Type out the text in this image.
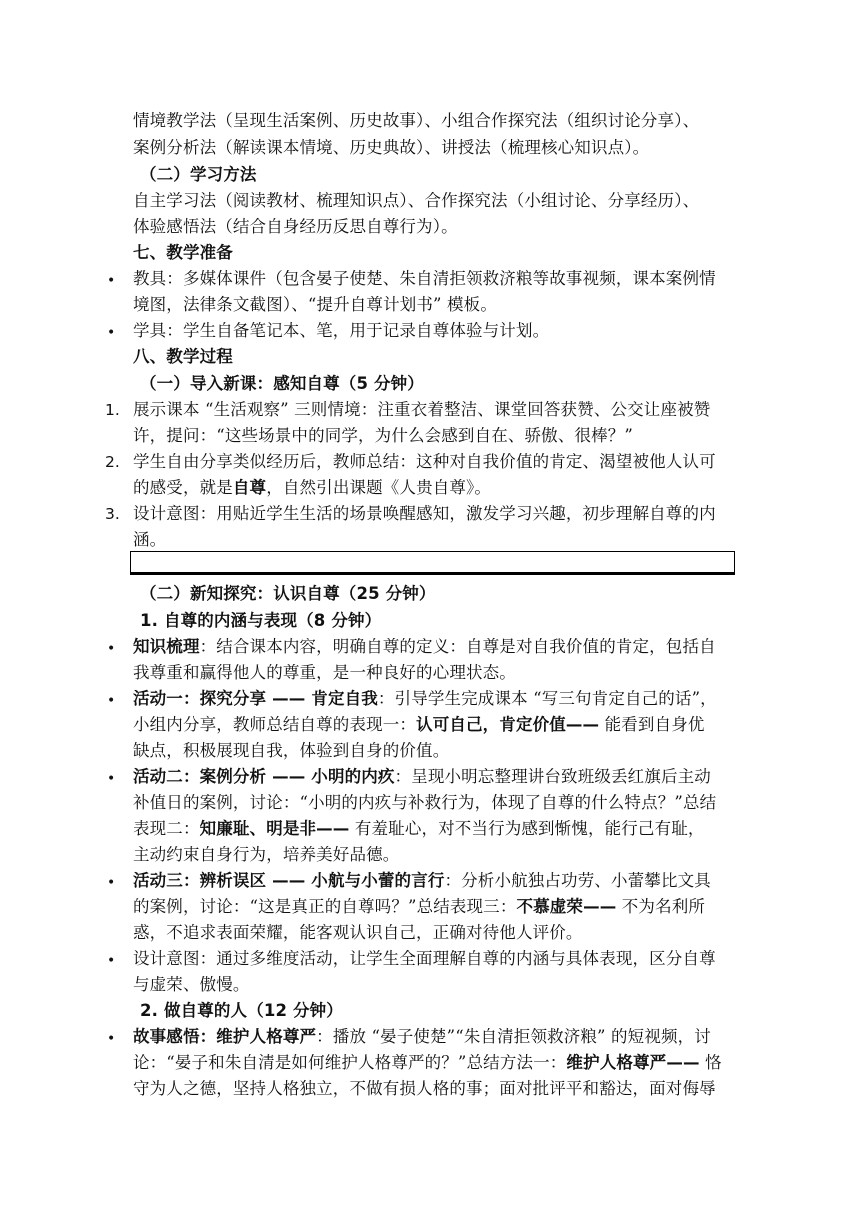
情境教学法（呈现生活案例、历史故事）、小组合作探究法（组织讨论分享）、
案例分析法（解读课本情境、历史典故）、讲授法（梳理核心知识点）。
（二）学习方法
自主学习法（阅读教材、梳理知识点）、合作探究法（小组讨论、分享经历）、
体验感悟法（结合自身经历反思自尊行为）。
七、教学准备
• 教具：多媒体课件（包含晏子使楚、朱自清拒领救济粮等故事视频，课本案例情
境图，法律条文截图）、“提升自尊计划书” 模板。
• 学具：学生自备笔记本、笔，用于记录自尊体验与计划。
八、教学过程
（一）导入新课：感知自尊（5 分钟）
1. 展示课本 “生活观察” 三则情境：注重衣着整洁、课堂回答获赞、公交让座被赞
许，提问：“这些场景中的同学，为什么会感到自在、骄傲、很棒？”
2. 学生自由分享类似经历后，教师总结：这种对自我价值的肯定、渴望被他人认可
的感受，就是自尊，自然引出课题《人贵自尊》。
3. 设计意图：用贴近学生生活的场景唤醒感知，激发学习兴趣，初步理解自尊的内
涵。
（二）新知探究：认识自尊（25 分钟）
1. 自尊的内涵与表现（8 分钟）
• 知识梳理：结合课本内容，明确自尊的定义：自尊是对自我价值的肯定，包括自
我尊重和赢得他人的尊重，是一种良好的心理状态。
• 活动一：探究分享 —— 肯定自我：引导学生完成课本 “写三句肯定自己的话”，
小组内分享，教师总结自尊的表现一：认可自己，肯定价值—— 能看到自身优
缺点，积极展现自我，体验到自身的价值。
• 活动二：案例分析 —— 小明的内疚：呈现小明忘整理讲台致班级丢红旗后主动
补值日的案例，讨论：“小明的内疚与补救行为，体现了自尊的什么特点？”总结
表现二：知廉耻、明是非—— 有羞耻心，对不当行为感到惭愧，能行己有耻，
主动约束自身行为，培养美好品德。
• 活动三：辨析误区 —— 小航与小蕾的言行：分析小航独占功劳、小蕾攀比文具
的案例，讨论：“这是真正的自尊吗？”总结表现三：不慕虚荣—— 不为名利所
惑，不追求表面荣耀，能客观认识自己，正确对待他人评价。
• 设计意图：通过多维度活动，让学生全面理解自尊的内涵与具体表现，区分自尊
与虚荣、傲慢。
2. 做自尊的人（12 分钟）
• 故事感悟：维护人格尊严：播放 “晏子使楚”“朱自清拒领救济粮” 的短视频，讨
论：“晏子和朱自清是如何维护人格尊严的？”总结方法一：维护人格尊严—— 恪
守为人之德，坚持人格独立，不做有损人格的事；面对批评平和豁达，面对侮辱
